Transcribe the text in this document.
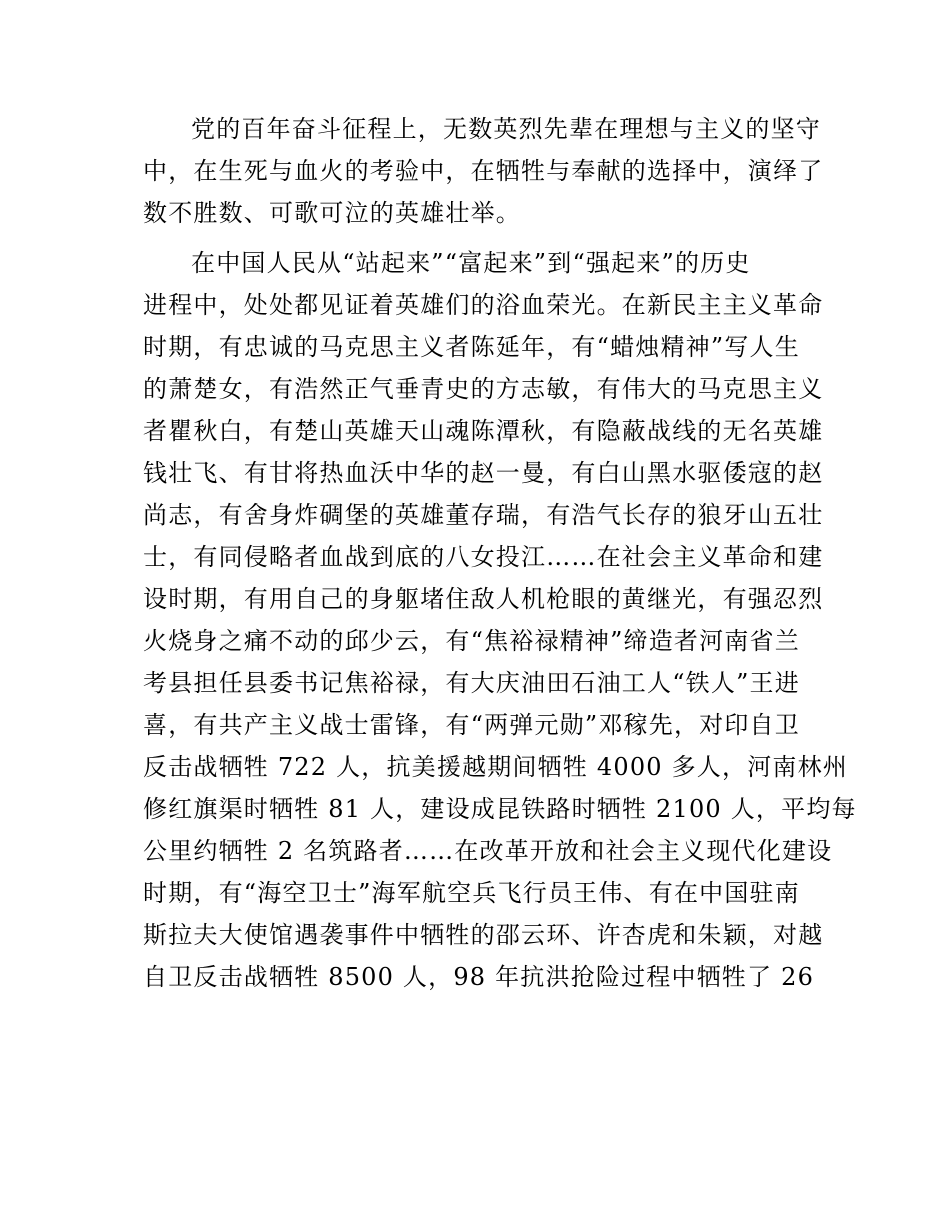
党的百年奋斗征程上，无数英烈先辈在理想与主义的坚守
中，在生死与血火的考验中，在牺牲与奉献的选择中，演绎了
数不胜数、可歌可泣的英雄壮举。
在中国人民从“站起来”“富起来”到“强起来”的历史
进程中，处处都见证着英雄们的浴血荣光。在新民主主义革命
时期，有忠诚的马克思主义者陈延年，有“蜡烛精神”写人生
的萧楚女，有浩然正气垂青史的方志敏，有伟大的马克思主义
者瞿秋白，有楚山英雄天山魂陈潭秋，有隐蔽战线的无名英雄
钱壮飞、有甘将热血沃中华的赵一曼，有白山黑水驱倭寇的赵
尚志，有舍身炸碉堡的英雄董存瑞，有浩气长存的狼牙山五壮
士，有同侵略者血战到底的八女投江……在社会主义革命和建
设时期，有用自己的身躯堵住敌人机枪眼的黄继光，有强忍烈
火烧身之痛不动的邱少云，有“焦裕禄精神”缔造者河南省兰
考县担任县委书记焦裕禄，有大庆油田石油工人“铁人”王进
喜，有共产主义战士雷锋，有“两弹元勋”邓稼先，对印自卫
反击战牺牲 722 人，抗美援越期间牺牲 4000 多人，河南林州
修红旗渠时牺牲 81 人，建设成昆铁路时牺牲 2100 人，平均每
公里约牺牲 2 名筑路者……在改革开放和社会主义现代化建设
时期，有“海空卫士”海军航空兵飞行员王伟、有在中国驻南
斯拉夫大使馆遇袭事件中牺牲的邵云环、许杏虎和朱颖，对越
自卫反击战牺牲 8500 人，98 年抗洪抢险过程中牺牲了 26
